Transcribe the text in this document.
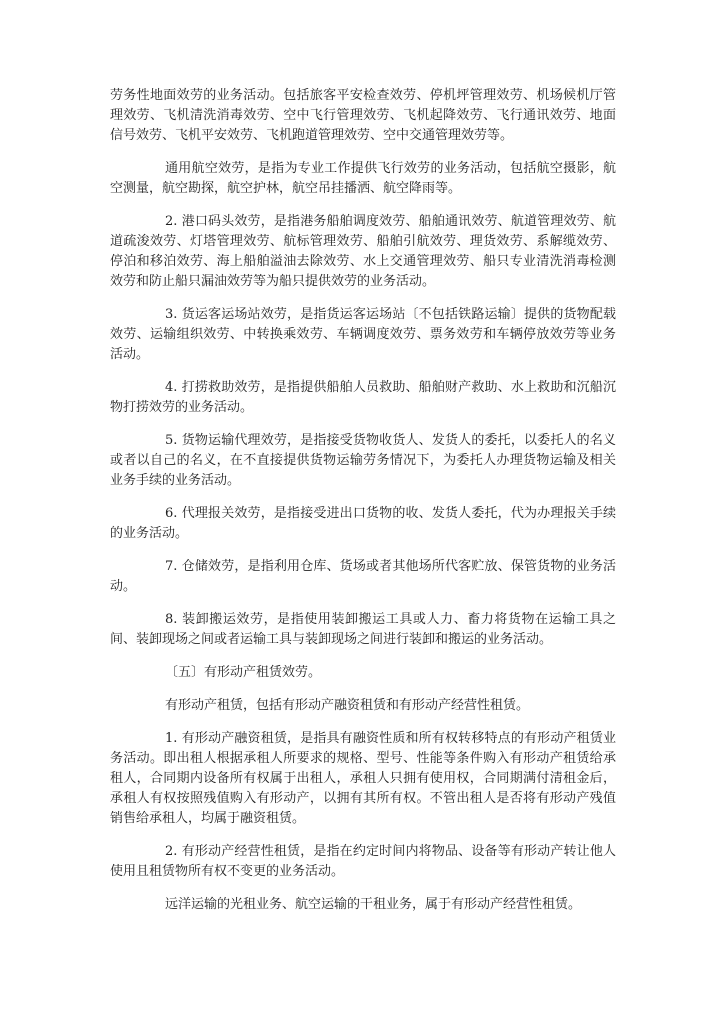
劳务性地面效劳的业务活动。包括旅客平安检查效劳、停机坪管理效劳、机场候机厅管理效劳、飞机清洗消毒效劳、空中飞行管理效劳、飞机起降效劳、飞行通讯效劳、地面信号效劳、飞机平安效劳、飞机跑道管理效劳、空中交通管理效劳等。

通用航空效劳，是指为专业工作提供飞行效劳的业务活动，包括航空摄影，航空测量，航空勘探，航空护林，航空吊挂播洒、航空降雨等。

2. 港口码头效劳，是指港务船舶调度效劳、船舶通讯效劳、航道管理效劳、航道疏浚效劳、灯塔管理效劳、航标管理效劳、船舶引航效劳、理货效劳、系解缆效劳、停泊和移泊效劳、海上船舶溢油去除效劳、水上交通管理效劳、船只专业清洗消毒检测效劳和防止船只漏油效劳等为船只提供效劳的业务活动。

3. 货运客运场站效劳，是指货运客运场站〔不包括铁路运输〕提供的货物配载效劳、运输组织效劳、中转换乘效劳、车辆调度效劳、票务效劳和车辆停放效劳等业务活动。

4. 打捞救助效劳，是指提供船舶人员救助、船舶财产救助、水上救助和沉船沉物打捞效劳的业务活动。

5. 货物运输代理效劳，是指接受货物收货人、发货人的委托，以委托人的名义或者以自己的名义，在不直接提供货物运输劳务情况下，为委托人办理货物运输及相关业务手续的业务活动。

6. 代理报关效劳，是指接受进出口货物的收、发货人委托，代为办理报关手续的业务活动。

7. 仓储效劳，是指利用仓库、货场或者其他场所代客贮放、保管货物的业务活动。

8. 装卸搬运效劳，是指使用装卸搬运工具或人力、畜力将货物在运输工具之间、装卸现场之间或者运输工具与装卸现场之间进行装卸和搬运的业务活动。

〔五〕有形动产租赁效劳。

有形动产租赁，包括有形动产融资租赁和有形动产经营性租赁。

1. 有形动产融资租赁，是指具有融资性质和所有权转移特点的有形动产租赁业务活动。即出租人根据承租人所要求的规格、型号、性能等条件购入有形动产租赁给承租人，合同期内设备所有权属于出租人，承租人只拥有使用权，合同期满付清租金后，承租人有权按照残值购入有形动产，以拥有其所有权。不管出租人是否将有形动产残值销售给承租人，均属于融资租赁。

2. 有形动产经营性租赁，是指在约定时间内将物品、设备等有形动产转让他人使用且租赁物所有权不变更的业务活动。

远洋运输的光租业务、航空运输的干租业务，属于有形动产经营性租赁。
